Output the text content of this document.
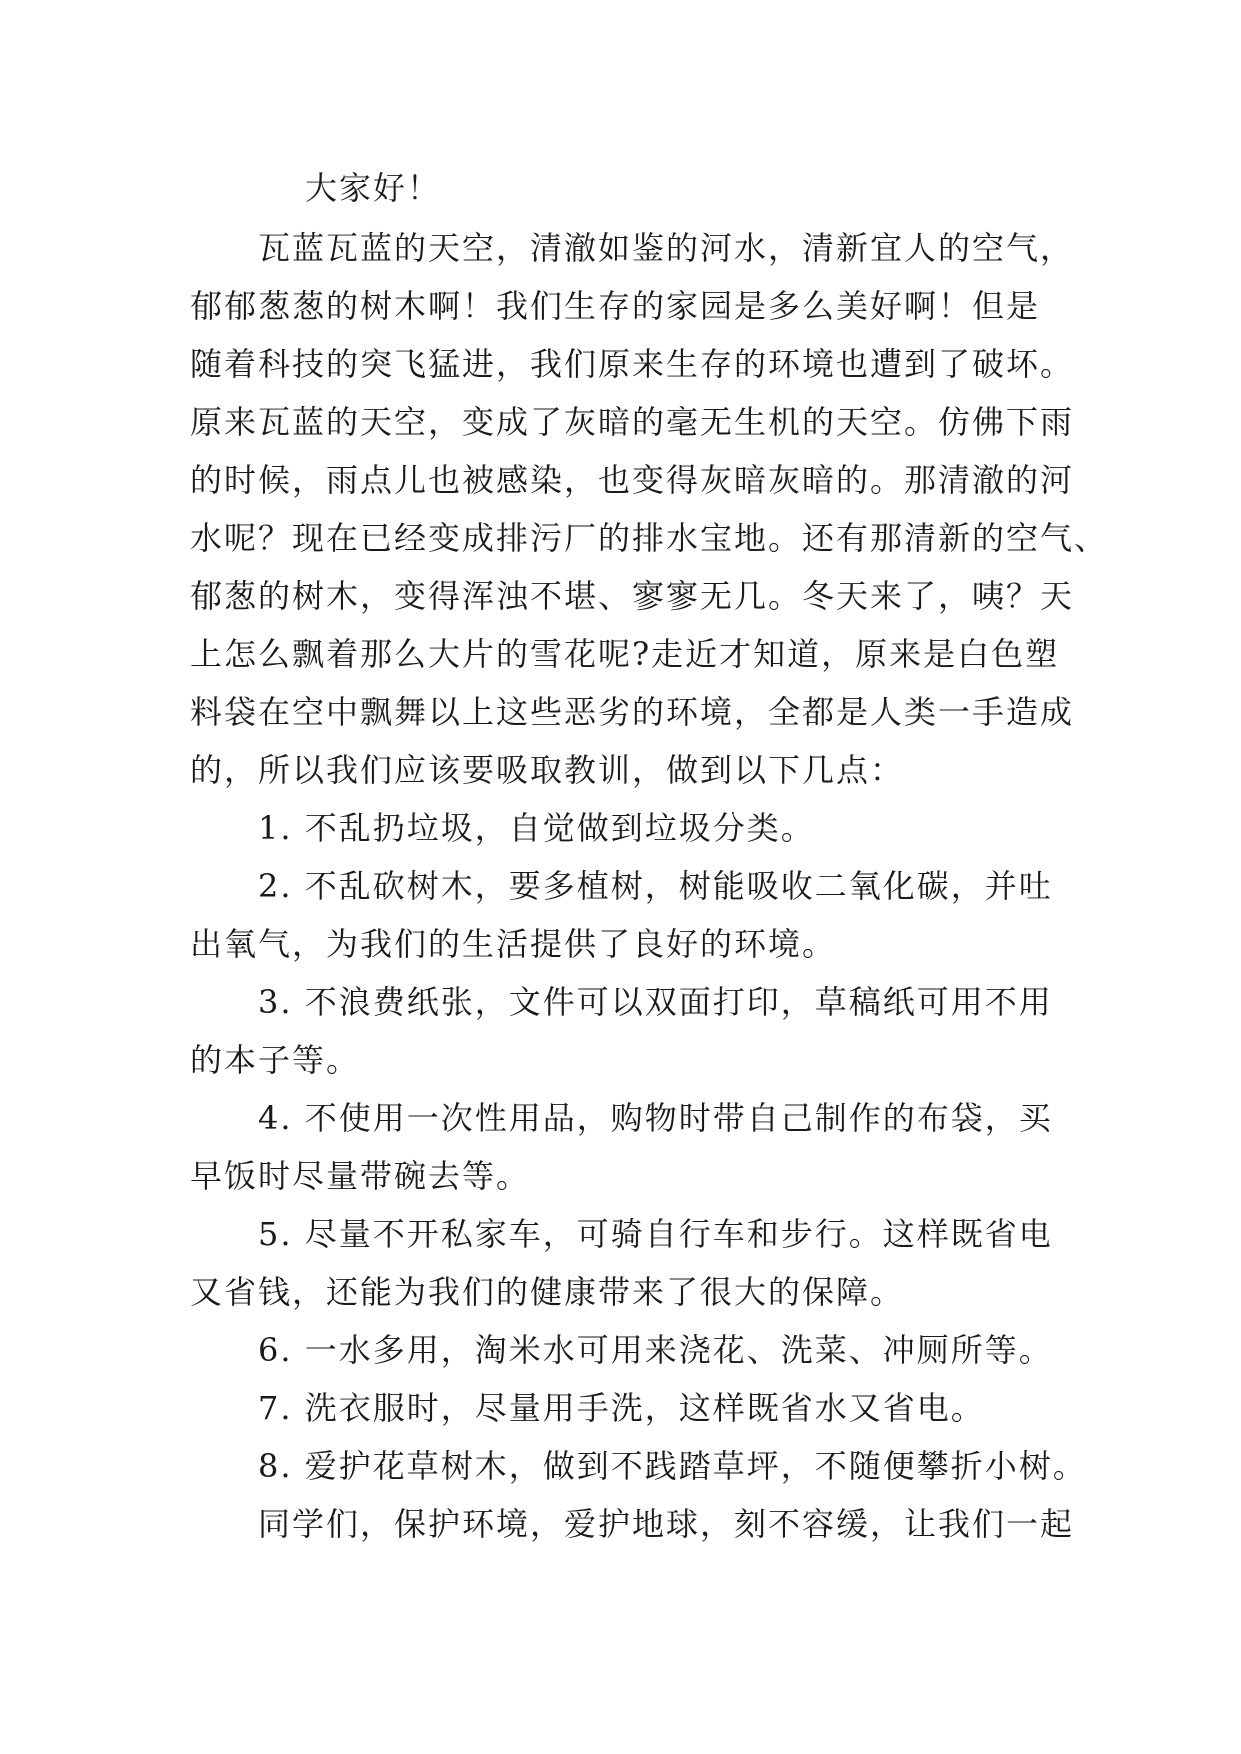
大家好！
瓦蓝瓦蓝的天空，清澈如鉴的河水，清新宜人的空气，
郁郁葱葱的树木啊！我们生存的家园是多么美好啊！但是
随着科技的突飞猛进，我们原来生存的环境也遭到了破坏。
原来瓦蓝的天空，变成了灰暗的毫无生机的天空。仿佛下雨
的时候，雨点儿也被感染，也变得灰暗灰暗的。那清澈的河
水呢？现在已经变成排污厂的排水宝地。还有那清新的空气、
郁葱的树木，变得浑浊不堪、寥寥无几。冬天来了，咦？天
上怎么飘着那么大片的雪花呢?走近才知道，原来是白色塑
料袋在空中飘舞以上这些恶劣的环境，全都是人类一手造成
的，所以我们应该要吸取教训，做到以下几点：
1. 不乱扔垃圾，自觉做到垃圾分类。
2. 不乱砍树木，要多植树，树能吸收二氧化碳，并吐
出氧气，为我们的生活提供了良好的环境。
3. 不浪费纸张，文件可以双面打印，草稿纸可用不用
的本子等。
4. 不使用一次性用品，购物时带自己制作的布袋，买
早饭时尽量带碗去等。
5. 尽量不开私家车，可骑自行车和步行。这样既省电
又省钱，还能为我们的健康带来了很大的保障。
6. 一水多用，淘米水可用来浇花、洗菜、冲厕所等。
7. 洗衣服时，尽量用手洗，这样既省水又省电。
8. 爱护花草树木，做到不践踏草坪，不随便攀折小树。
同学们，保护环境，爱护地球，刻不容缓，让我们一起
